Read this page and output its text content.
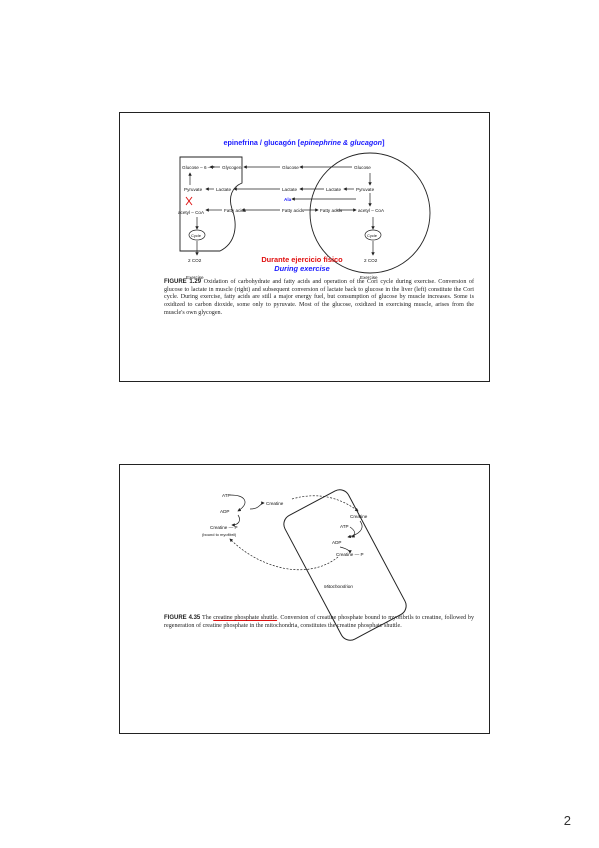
epinefrina / glucagón [epinephrine & glucagon]
Glucose – 6 – P Glycogen
Pyruvate	Lactate
acetyl – CoA	Fatty acids
Cycle
2 CO2
Exercise
Glucose
Lactate
Ala
Fatty acids
Glucose
Lactate	Pyruvate
Fatty acids	acetyl – CoA
Cycle
2 CO2
Exercise
Durante ejercicio físico
During exercise
FIGURE 1.29 Oxidation of carbohydrate and fatty acids and operation of the Cori cycle during exercise. Conversion of glucose to lactate in muscle (right) and subsequent conversion of lactate back to glucose in the liver (left) constitute the Cori cycle. During exercise, fatty acids are still a major energy fuel, but consumption of glucose by muscle increases. Some is oxidized to carbon dioxide, some only to pyruvate. Most of the glucose, oxidized in exercising muscle, arises from the muscle's own glycogen.
ATP
Creatine
ADP
Creatine — P
(bound to myofibril)
Creatine
ATP
ADP
Creatine — P
Mitochondrion
FIGURE 4.35 The creatine phosphate shuttle. Conversion of creatine phosphate bound to myofibrils to creatine, followed by regeneration of creatine phosphate in the mitochondria, constitutes the creatine phosphate shuttle.
2
